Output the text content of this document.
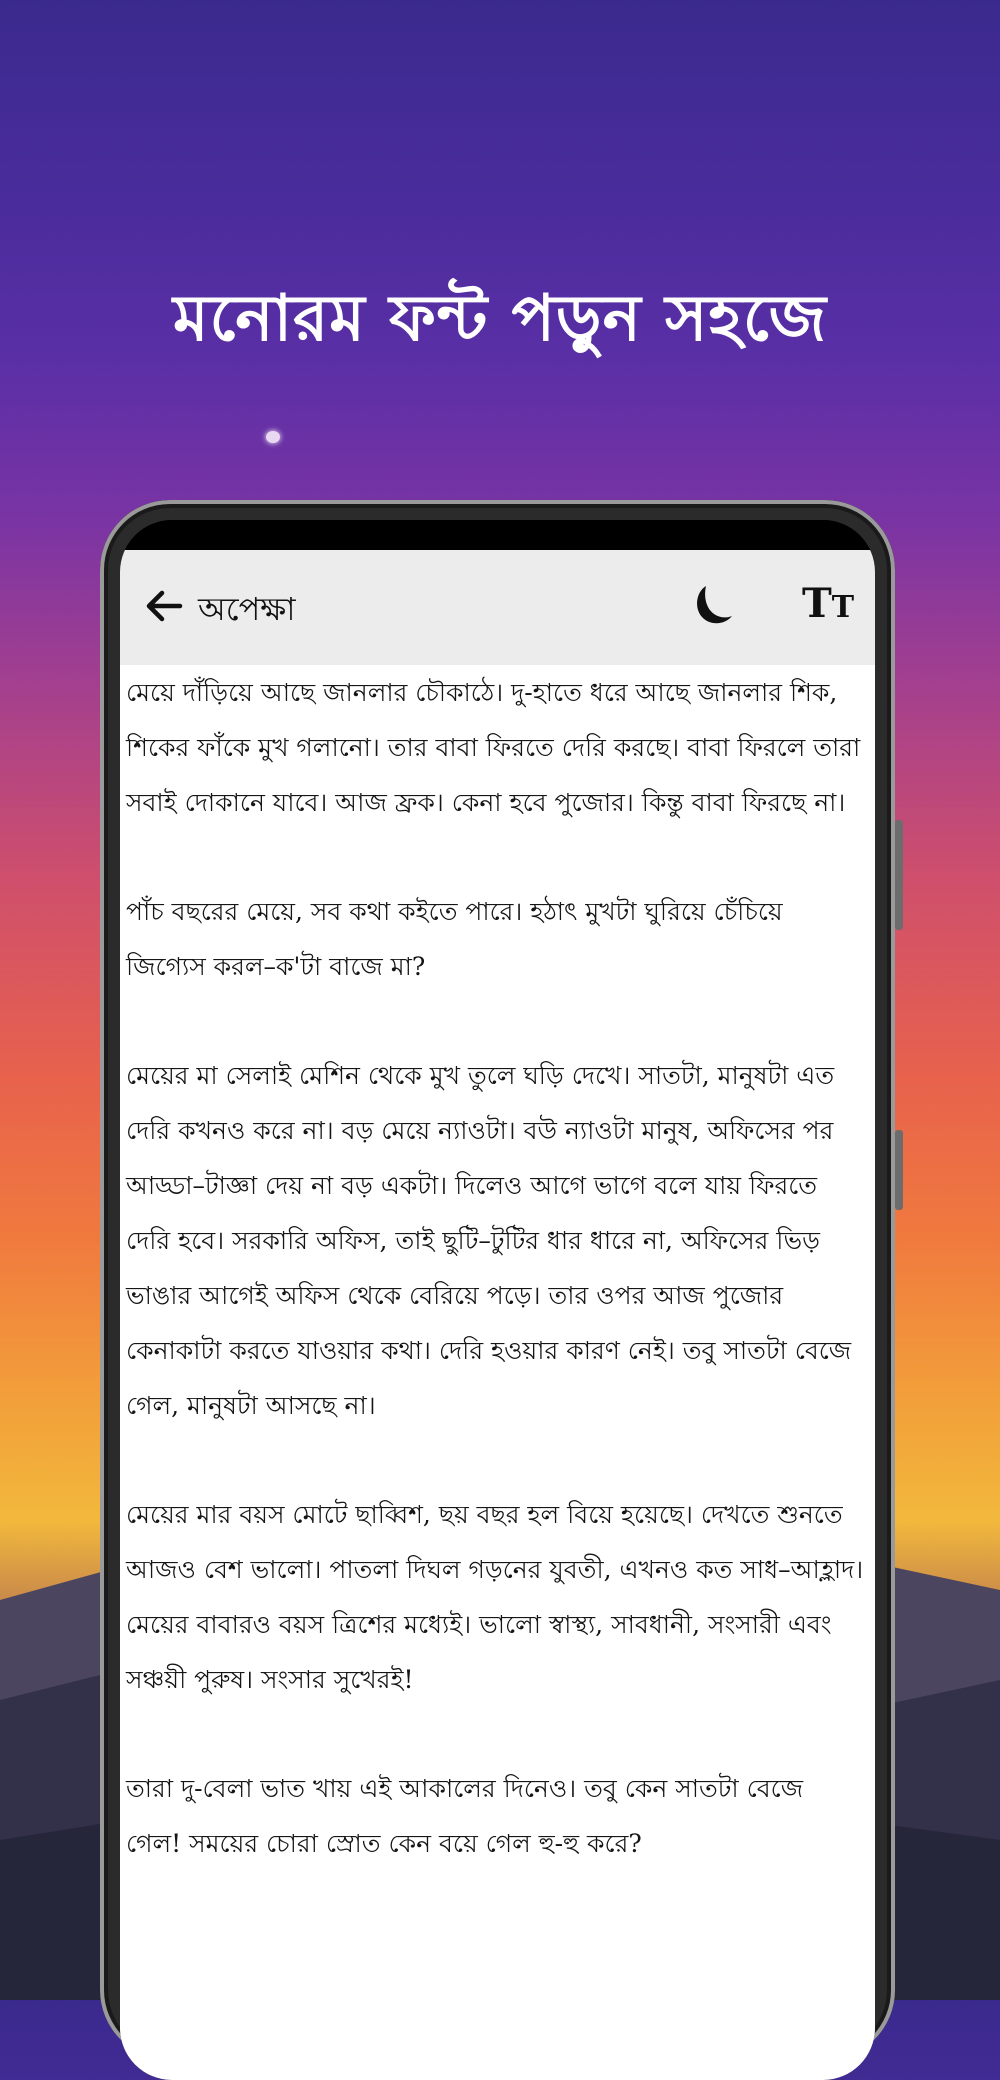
মনোরম ফন্ট পড়ুন সহজে
অপেক্ষা	TT

মেয়ে দাঁড়িয়ে আছে জানলার চৌকাঠে। দু-হাতে ধরে আছে জানলার শিক, শিকের ফাঁকে মুখ গলানো। তার বাবা ফিরতে দেরি করছে। বাবা ফিরলে তারা সবাই দোকানে যাবে। আজ ফ্রক। কেনা হবে পুজোর। কিন্তু বাবা ফিরছে না।

পাঁচ বছরের মেয়ে, সব কথা কইতে পারে। হঠাৎ মুখটা ঘুরিয়ে চেঁচিয়ে জিগ্যেস করল–ক'টা বাজে মা?

মেয়ের মা সেলাই মেশিন থেকে মুখ তুলে ঘড়ি দেখে। সাতটা, মানুষটা এত দেরি কখনও করে না। বড় মেয়ে ন্যাওটা। বউ ন্যাওটা মানুষ, অফিসের পর আড্ডা–টাজ্ঞা দেয় না বড় একটা। দিলেও আগে ভাগে বলে যায় ফিরতে দেরি হবে। সরকারি অফিস, তাই ছুটি–টুটির ধার ধারে না, অফিসের ভিড় ভাঙার আগেই অফিস থেকে বেরিয়ে পড়ে। তার ওপর আজ পুজোর কেনাকাটা করতে যাওয়ার কথা। দেরি হওয়ার কারণ নেই। তবু সাতটা বেজে গেল, মানুষটা আসছে না।

মেয়ের মার বয়স মোটে ছাব্বিশ, ছয় বছর হল বিয়ে হয়েছে। দেখতে শুনতে আজও বেশ ভালো। পাতলা দিঘল গড়নের যুবতী, এখনও কত সাধ–আহ্লাদ। মেয়ের বাবারও বয়স ত্রিশের মধ্যেই। ভালো স্বাস্থ্য, সাবধানী, সংসারী এবং সঞ্চয়ী পুরুষ। সংসার সুখেরই!

তারা দু-বেলা ভাত খায় এই আকালের দিনেও। তবু কেন সাতটা বেজে গেল! সময়ের চোরা স্রোত কেন বয়ে গেল হু-হু করে?
